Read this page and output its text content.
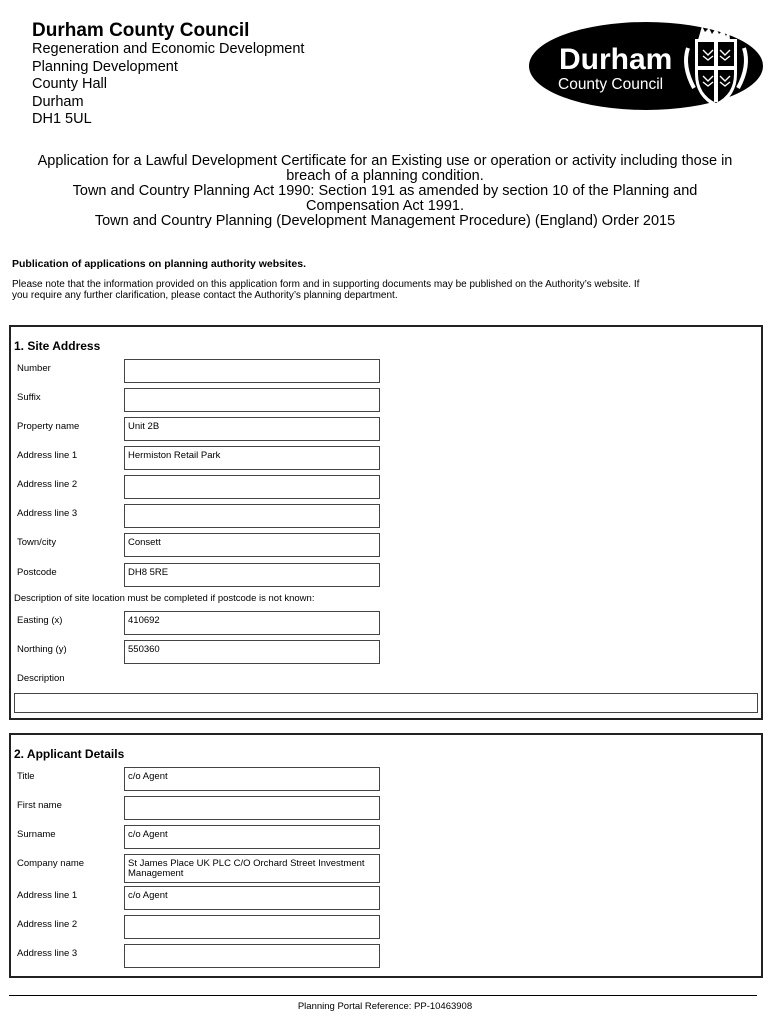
Durham County Council
Regeneration and Economic Development
Planning Development
County Hall
Durham
DH1 5UL
Durham
County Council
Application for a Lawful Development Certificate for an Existing use or operation or activity including those in
breach of a planning condition.
Town and Country Planning Act 1990: Section 191 as amended by section 10 of the Planning and
Compensation Act 1991.
Town and Country Planning (Development Management Procedure) (England) Order 2015
Publication of applications on planning authority websites.
Please note that the information provided on this application form and in supporting documents may be published on the Authority’s website. If
you require any further clarification, please contact the Authority’s planning department.
1. Site Address
Number
Suffix
Property name	Unit 2B
Address line 1	Hermiston Retail Park
Address line 2
Address line 3
Town/city	Consett
Postcode	DH8 5RE
Description of site location must be completed if postcode is not known:
Easting (x)	410692
Northing (y)	550360
Description
2. Applicant Details
Title	c/o Agent
First name
Surname	c/o Agent
Company name	St James Place UK PLC C/O Orchard Street Investment Management
Address line 1	c/o Agent
Address line 2
Address line 3
Planning Portal Reference: PP-10463908
